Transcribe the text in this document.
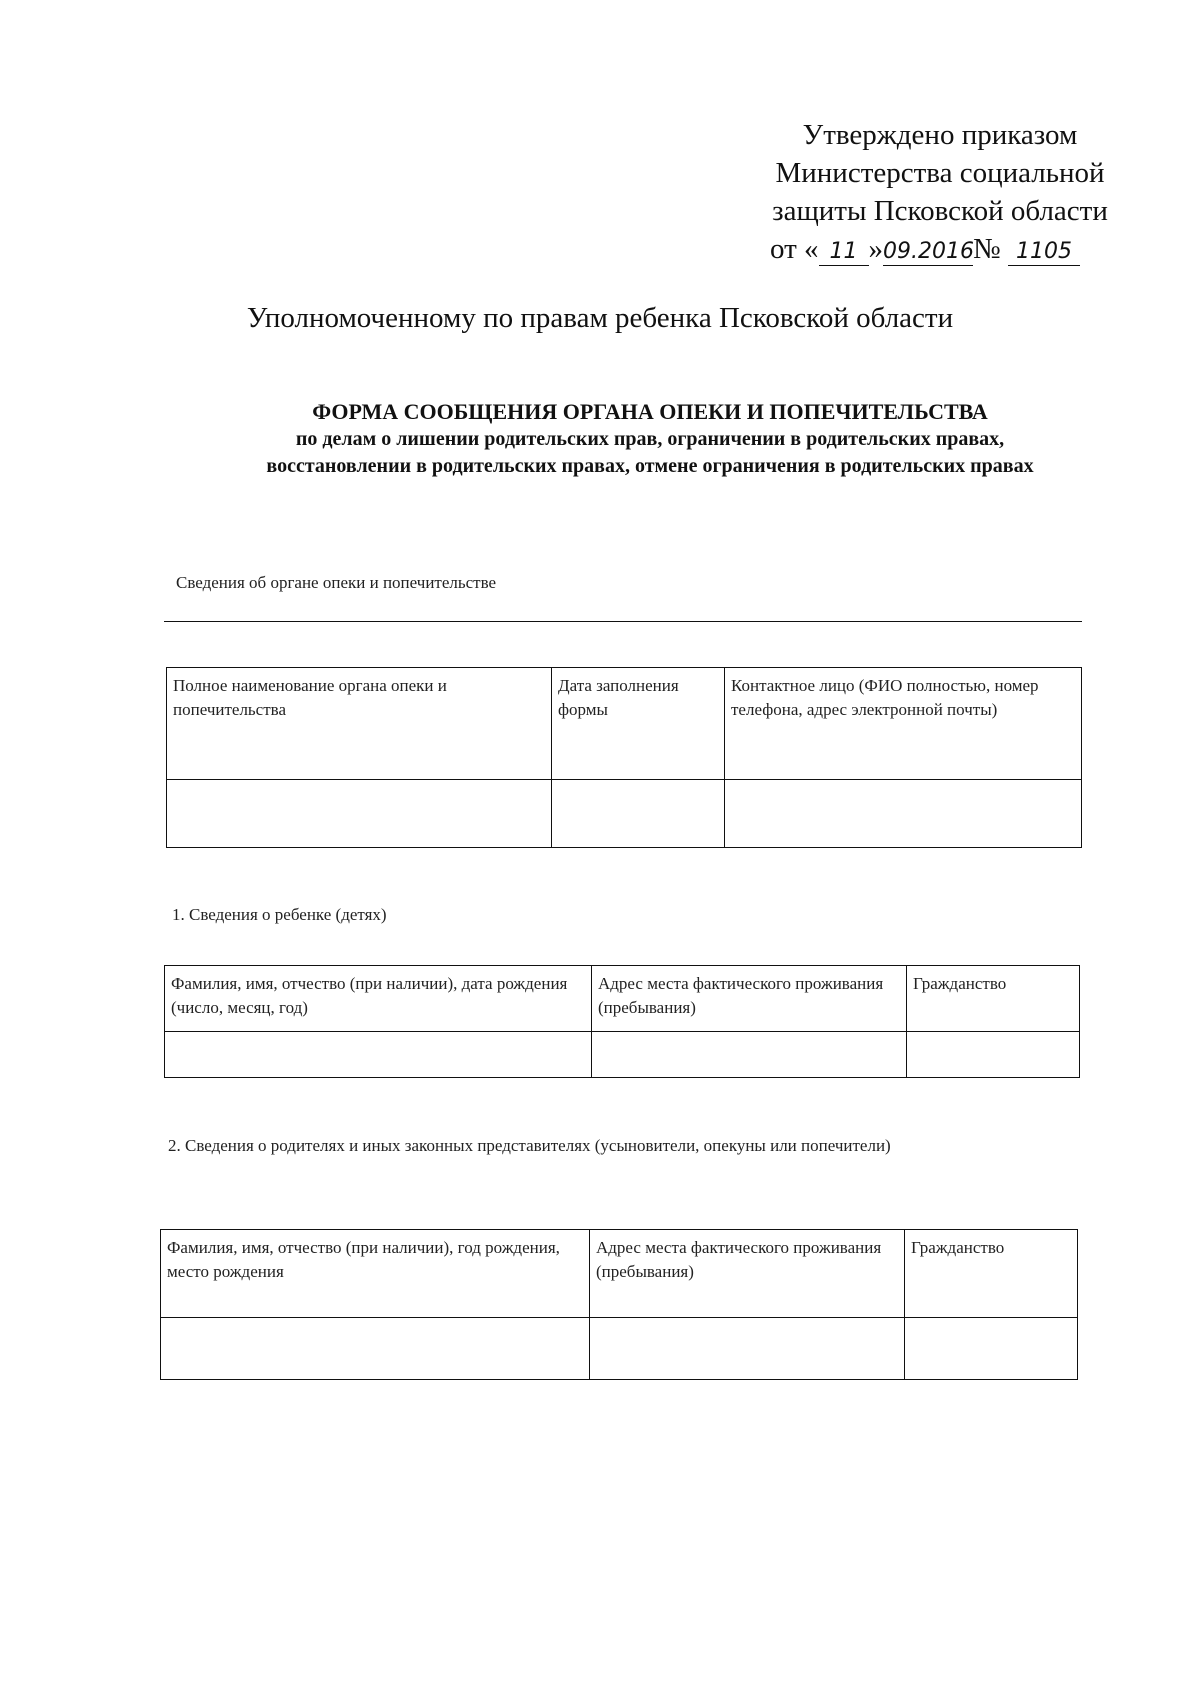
Утверждено приказом
Министерства социальной
защиты Псковской области
от « 11 »09.2016№ 1105
Уполномоченному по правам ребенка Псковской области
ФОРМА СООБЩЕНИЯ ОРГАНА ОПЕКИ И ПОПЕЧИТЕЛЬСТВА
по делам о лишении родительских прав, ограничении в родительских правах,
восстановлении в родительских правах, отмене ограничения в родительских правах
Сведения об органе опеки и попечительстве
Полное наименование органа опеки и попечительства	Дата заполнения формы	Контактное лицо (ФИО полностью, номер телефона, адрес электронной почты)

1. Сведения о ребенке (детях)
Фамилия, имя, отчество (при наличии), дата рождения (число, месяц, год)	Адрес места фактического проживания (пребывания)	Гражданство

2. Сведения о родителях и иных законных представителях (усыновители, опекуны или попечители)
Фамилия, имя, отчество (при наличии), год рождения, место рождения	Адрес места фактического проживания (пребывания)	Гражданство
